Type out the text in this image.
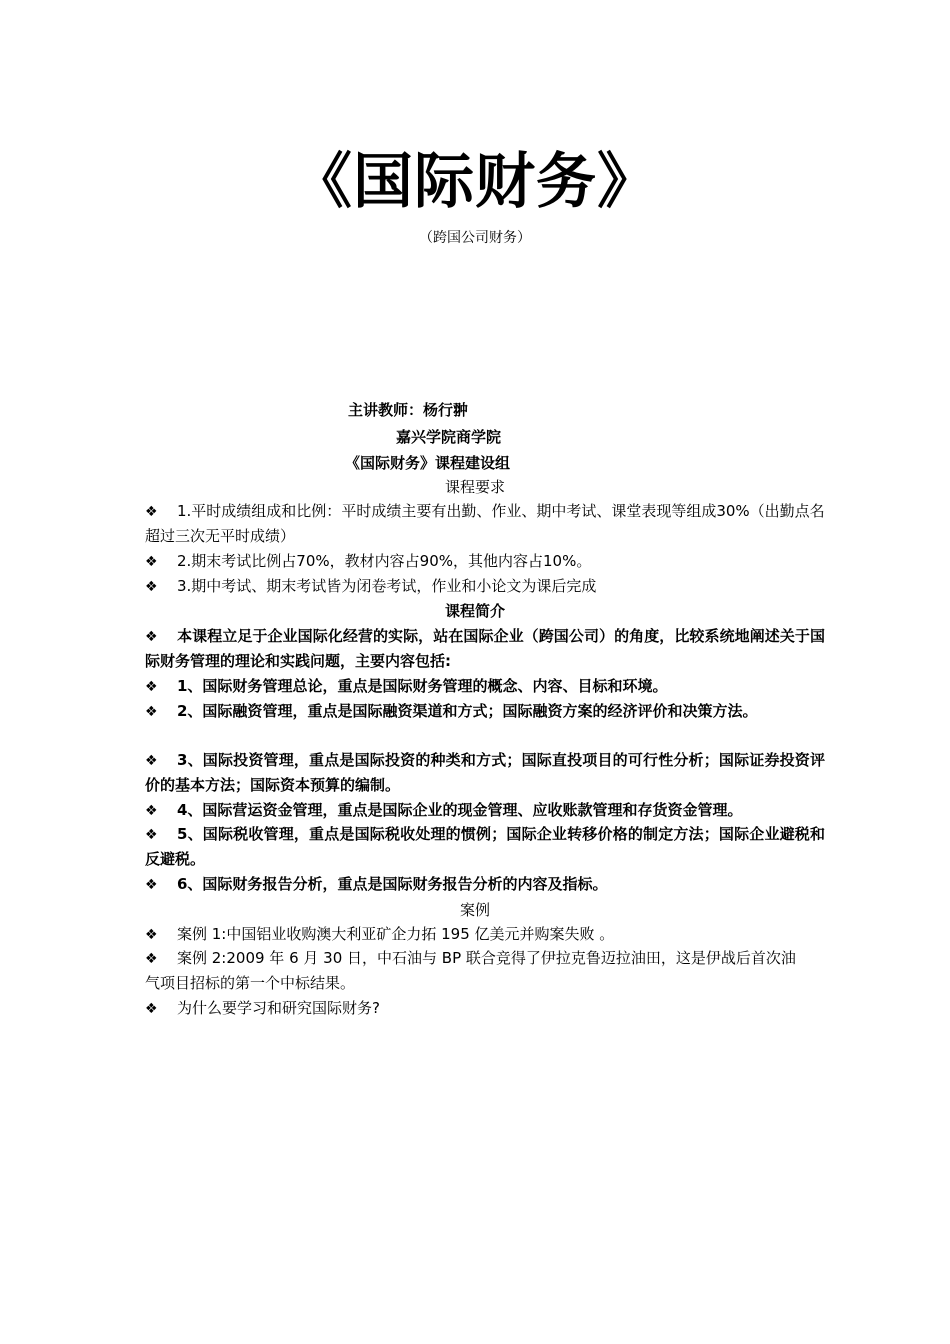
《国际财务》
（跨国公司财务）
主讲教师：杨行翀
嘉兴学院商学院
《国际财务》课程建设组
课程要求
❖ 1.平时成绩组成和比例：平时成绩主要有出勤、作业、期中考试、课堂表现等组成30%（出勤点名超过三次无平时成绩）
❖ 2.期末考试比例占70%，教材内容占90%，其他内容占10%。
❖ 3.期中考试、期末考试皆为闭卷考试，作业和小论文为课后完成
课程简介
❖ 本课程立足于企业国际化经营的实际，站在国际企业（跨国公司）的角度，比较系统地阐述关于国际财务管理的理论和实践问题，主要内容包括:
❖ 1、国际财务管理总论，重点是国际财务管理的概念、内容、目标和环境。
❖ 2、国际融资管理，重点是国际融资渠道和方式；国际融资方案的经济评价和决策方法。
❖ 3、国际投资管理，重点是国际投资的种类和方式；国际直投项目的可行性分析；国际证券投资评价的基本方法；国际资本预算的编制。
❖ 4、国际营运资金管理，重点是国际企业的现金管理、应收账款管理和存货资金管理。
❖ 5、国际税收管理，重点是国际税收处理的惯例；国际企业转移价格的制定方法；国际企业避税和反避税。
❖ 6、国际财务报告分析，重点是国际财务报告分析的内容及指标。
案例
❖ 案例 1:中国铝业收购澳大利亚矿企力拓 195 亿美元并购案失败 。
❖ 案例 2:2009 年 6 月 30 日，中石油与 BP 联合竞得了伊拉克鲁迈拉油田，这是伊战后首次油气项目招标的第一个中标结果。
❖ 为什么要学习和研究国际财务?
